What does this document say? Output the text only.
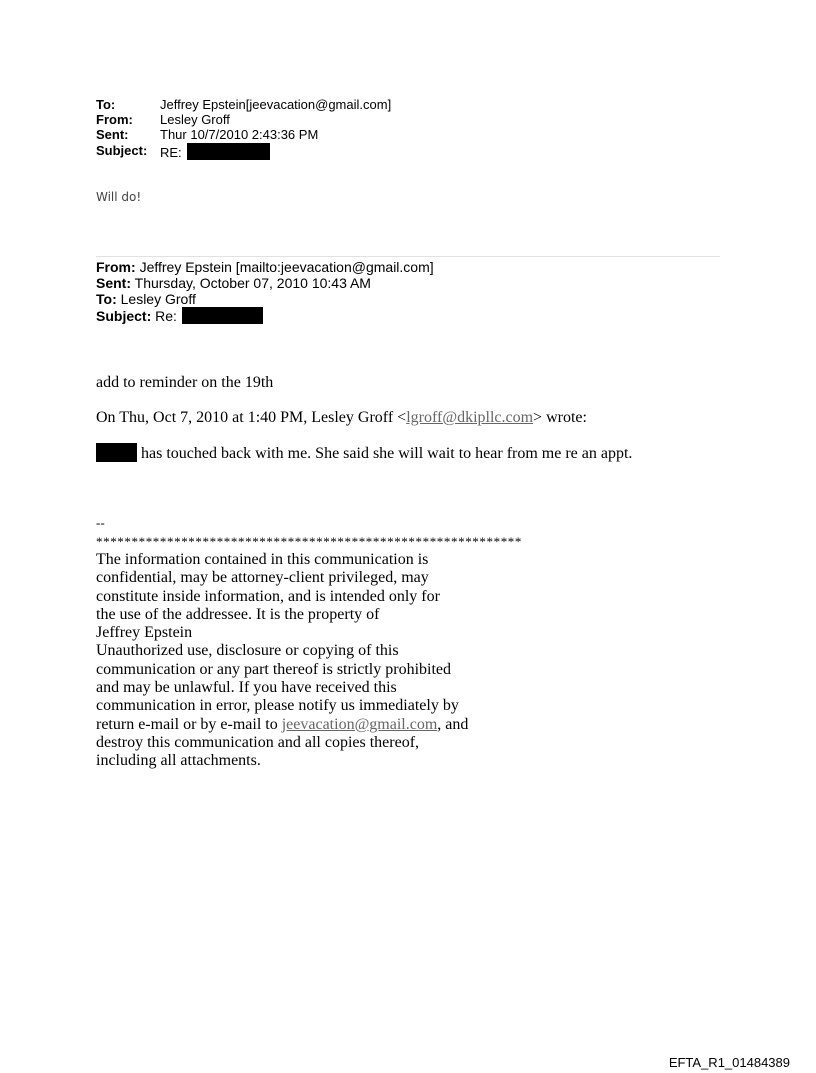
To:	Jeffrey Epstein[jeevacation@gmail.com]
From: Lesley Groff
Sent: Thur 10/7/2010 2:43:36 PM
Subject: RE:
Will do!
From: Jeffrey Epstein [mailto:jeevacation@gmail.com]
Sent: Thursday, October 07, 2010 10:43 AM
To: Lesley Groff
Subject: Re:
add to reminder on the 19th
On Thu, Oct 7, 2010 at 1:40 PM, Lesley Groff <lgroff@dkipllc.com> wrote:
has touched back with me. She said she will wait to hear from me re an appt.
--
************************************************************
The information contained in this communication is
confidential, may be attorney-client privileged, may
constitute inside information, and is intended only for
the use of the addressee. It is the property of
Jeffrey Epstein
Unauthorized use, disclosure or copying of this
communication or any part thereof is strictly prohibited
and may be unlawful. If you have received this
communication in error, please notify us immediately by
return e-mail or by e-mail to jeevacation@gmail.com, and
destroy this communication and all copies thereof,
including all attachments.
EFTA_R1_01484389
